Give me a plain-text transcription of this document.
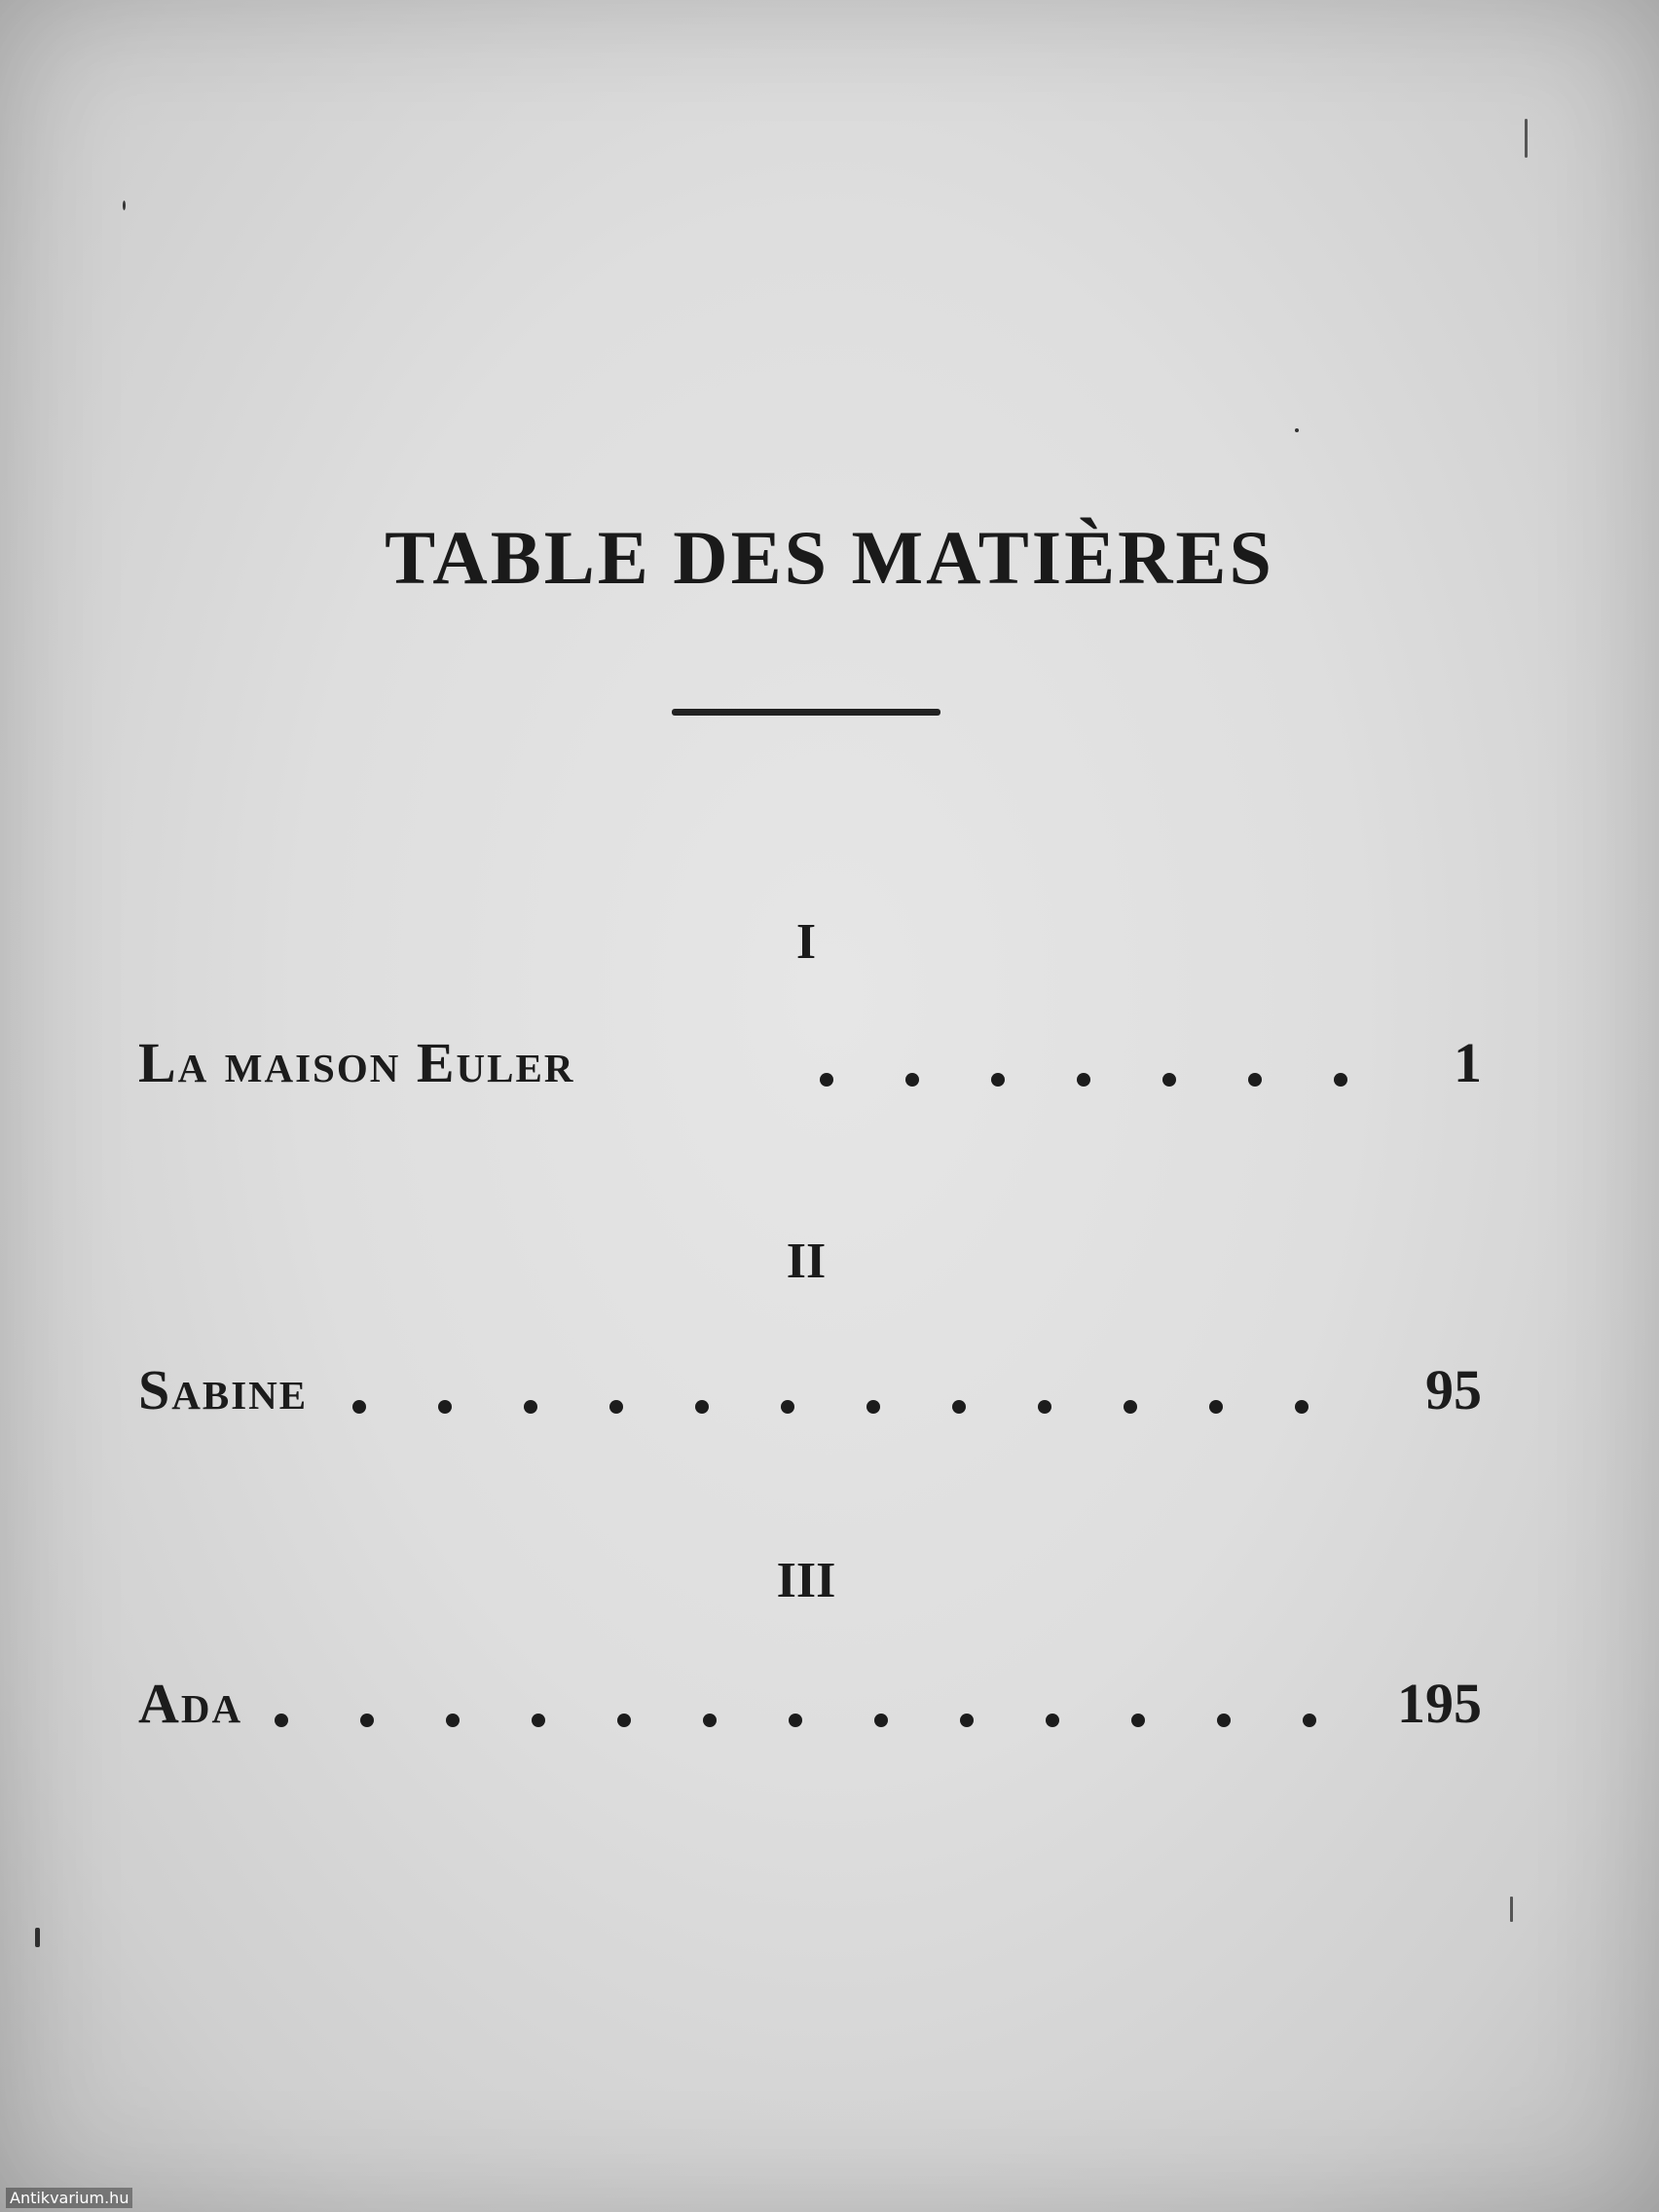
TABLE DES MATIÈRES
I
La maison Euler	1
II
Sabine	95
III
Ada	195
Antikvarium.hu
